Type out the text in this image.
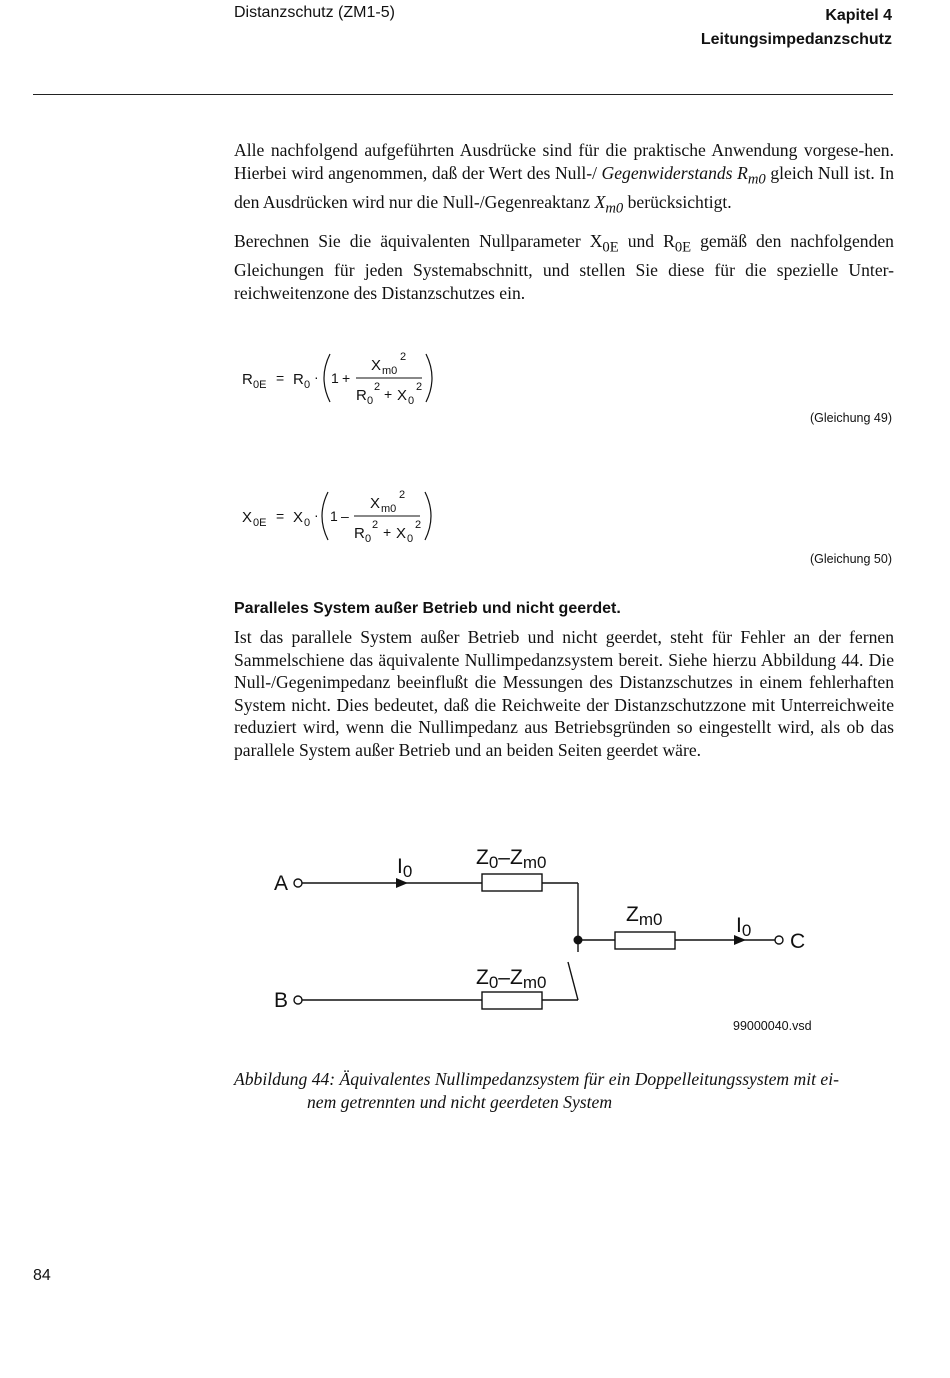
Distanzschutz (ZM1-5)	Kapitel 4
Leitungsimpedanzschutz
Alle nachfolgend aufgeführten Ausdrücke sind für die praktische Anwendung vorgese-hen. Hierbei wird angenommen, daß der Wert des Null-/ Gegenwiderstands $R_{m0}$ gleich Null ist. In den Ausdrücken wird nur die Null-/Gegenreaktanz $X_{m0}$ berücksichtigt.
Berechnen Sie die äquivalenten Nullparameter $X_{0E}$ und $R_{0E}$ gemäß den nachfolgenden Gleichungen für jeden Systemabschnitt, und stellen Sie diese für die spezielle Unter-reichweitenzone des Distanzschutzes ein.
R 0E = R 0 · 1 +
X m0
2
R 0
2 + X 0
2
(Gleichung 49)
X 0E = X 0 · 1 –
X m0
2
R 0
2 + X 0
2
(Gleichung 50)
Paralleles System außer Betrieb und nicht geerdet.
Ist das parallele System außer Betrieb und nicht geerdet, steht für Fehler an der fernen Sammelschiene das äquivalente Nullimpedanzsystem bereit. Siehe hierzu Abbildung 44. Die Null-/Gegenimpedanz beeinflußt die Messungen des Distanzschutzes in einem fehlerhaften System nicht. Dies bedeutet, daß die Reichweite der Distanzschutzzone mit Unterreichweite reduziert wird, wenn die Nullimpedanz aus Betriebsgründen so eingestellt wird, als ob das parallele System außer Betrieb und an beiden Seiten geerdet wäre.
A
I0
Z0–Zm0
Zm0	I0 C
Z0–Zm0
B
99000040.vsd
Abbildung 44: Äquivalentes Nullimpedanzsystem für ein Doppelleitungssystem mit ei-
nem getrennten und nicht geerdeten System
84
